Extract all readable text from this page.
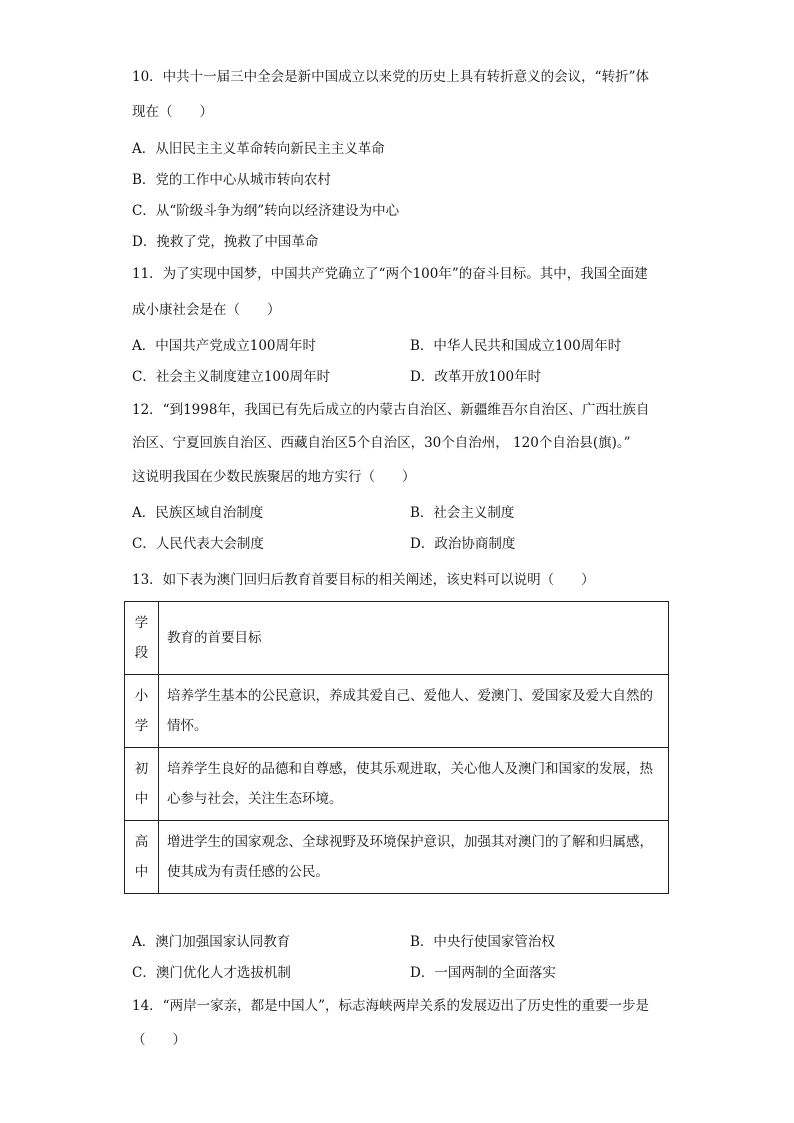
10．中共十一届三中全会是新中国成立以来党的历史上具有转折意义的会议，“转折”体
现在（　　）
A．从旧民主主义革命转向新民主主义革命
B．党的工作中心从城市转向农村
C．从“阶级斗争为纲”转向以经济建设为中心
D．挽救了党，挽救了中国革命
11．为了实现中国梦，中国共产党确立了“两个100年”的奋斗目标。其中，我国全面建
成小康社会是在（　　）
A．中国共产党成立100周年时	B．中华人民共和国成立100周年时
C．社会主义制度建立100周年时	D．改革开放100年时
12．“到1998年，我国已有先后成立的内蒙古自治区、新疆维吾尔自治区、广西壮族自
治区、宁夏回族自治区、西藏自治区5个自治区，30个自治州， 120个自治县(旗)。”
这说明我国在少数民族聚居的地方实行（　　）
A．民族区域自治制度	B．社会主义制度
C．人民代表大会制度	D．政治协商制度
13．如下表为澳门回归后教育首要目标的相关阐述，该史料可以说明（　　）
学段	教育的首要目标

小学	培养学生基本的公民意识，养成其爱自己、爱他人、爱澳门、爱国家及爱大自然的情怀。

初中	培养学生良好的品德和自尊感，使其乐观进取，关心他人及澳门和国家的发展，热心参与社会，关注生态环境。

高中	增进学生的国家观念、全球视野及环境保护意识，加强其对澳门的了解和归属感，使其成为有责任感的公民。
A．澳门加强国家认同教育	B．中央行使国家管治权
C．澳门优化人才选拔机制	D．一国两制的全面落实
14．“两岸一家亲，都是中国人”，标志海峡两岸关系的发展迈出了历史性的重要一步是
（　　）
